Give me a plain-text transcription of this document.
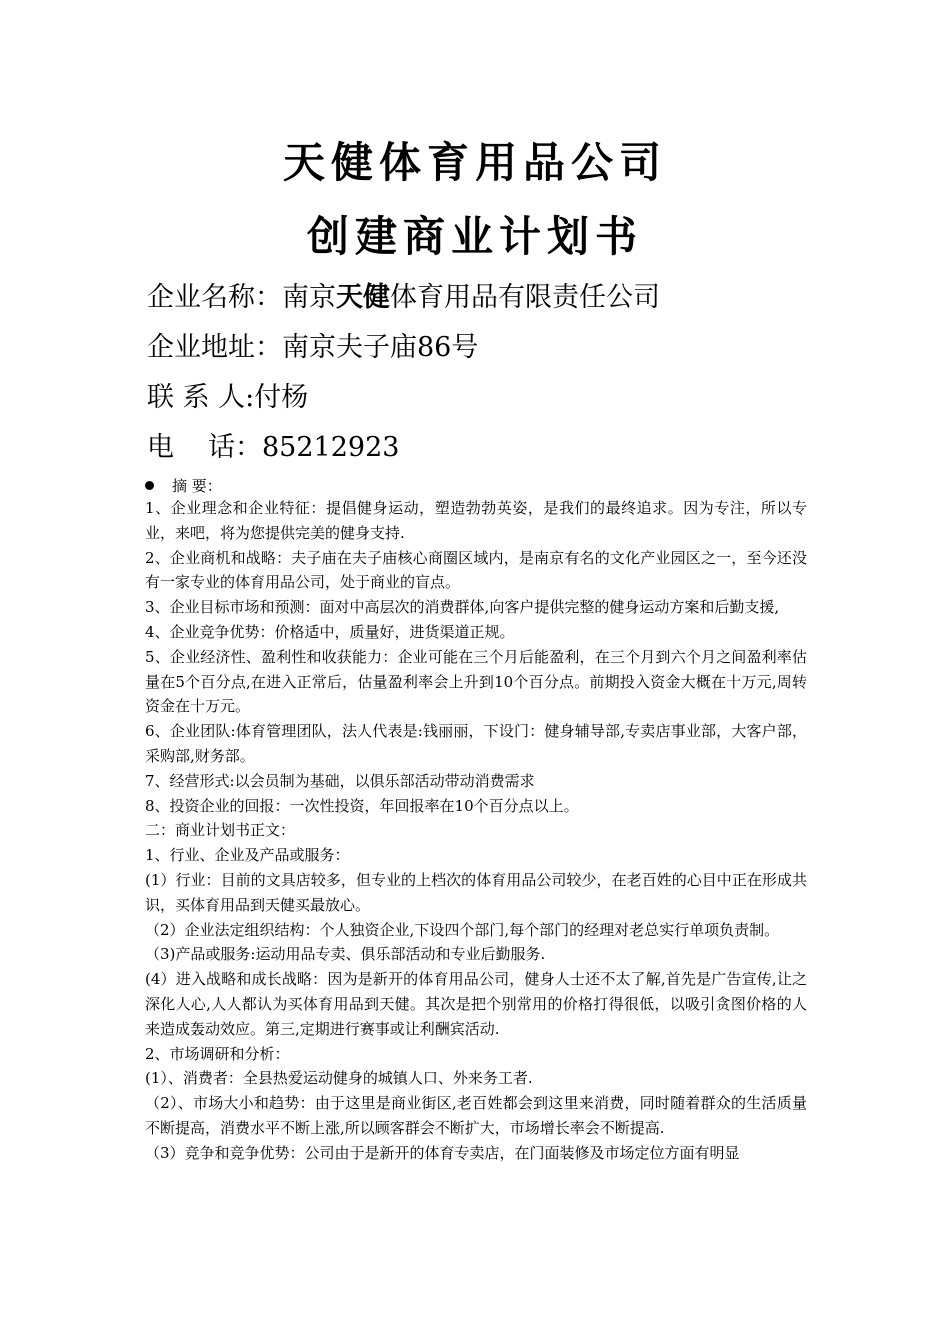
天健体育用品公司
创建商业计划书
企业名称：南京天健体育用品有限责任公司
企业地址：南京夫子庙86号
联 系 人:付杨
电 话：85212923
摘 要：

1、企业理念和企业特征：提倡健身运动，塑造勃勃英姿，是我们的最终追求。因为专注，所以专业，来吧，将为您提供完美的健身支持.

2、企业商机和战略：夫子庙在夫子庙核心商圈区域内，是南京有名的文化产业园区之一，至今还没有一家专业的体育用品公司，处于商业的盲点。

3、企业目标市场和预测：面对中高层次的消费群体,向客户提供完整的健身运动方案和后勤支援,

4、企业竞争优势：价格适中，质量好，进货渠道正规。

5、企业经济性、盈利性和收获能力：企业可能在三个月后能盈利，在三个月到六个月之间盈利率估量在5个百分点,在进入正常后，估量盈利率会上升到10个百分点。前期投入资金大概在十万元,周转资金在十万元。

6、企业团队:体育管理团队，法人代表是:钱丽丽，下设门：健身辅导部,专卖店事业部，大客户部，采购部,财务部。

7、经营形式:以会员制为基础，以俱乐部活动带动消费需求

8、投资企业的回报：一次性投资，年回报率在10个百分点以上。

二：商业计划书正文：

1、行业、企业及产品或服务：

(1）行业：目前的文具店较多，但专业的上档次的体育用品公司较少，在老百姓的心目中正在形成共识，买体育用品到天健买最放心。

（2）企业法定组织结构：个人独资企业,下设四个部门,每个部门的经理对老总实行单项负责制。

（3)产品或服务:运动用品专卖、俱乐部活动和专业后勤服务.

(4）进入战略和成长战略：因为是新开的体育用品公司，健身人士还不太了解,首先是广告宣传,让之深化人心,人人都认为买体育用品到天健。其次是把个别常用的价格打得很低，以吸引贪图价格的人来造成轰动效应。第三,定期进行赛事或让利酬宾活动.

2、市场调研和分析：

(1）、消费者：全县热爱运动健身的城镇人口、外来务工者.

（2）、市场大小和趋势：由于这里是商业街区,老百姓都会到这里来消费，同时随着群众的生活质量不断提高，消费水平不断上涨,所以顾客群会不断扩大，市场增长率会不断提高.

（3）竞争和竞争优势：公司由于是新开的体育专卖店，在门面装修及市场定位方面有明显
